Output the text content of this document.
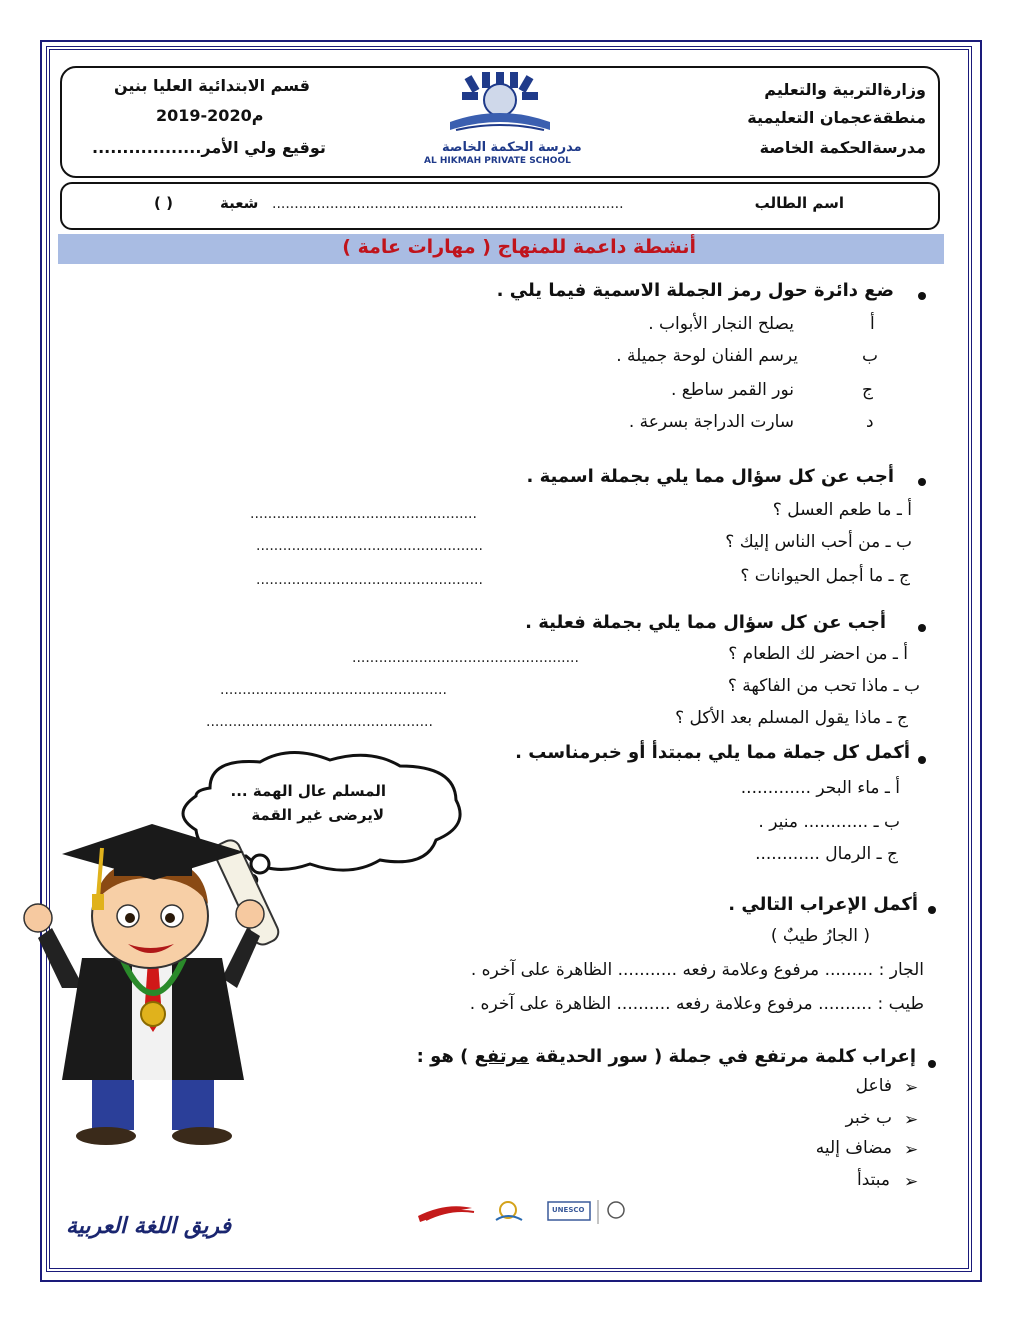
وزارةالتربية والتعليم
منطقةعجمان التعليمية
مدرسةالحكمة الخاصة
قسم الابتدائية العليا بنين
2019-2020م
توقيع ولي الأمر..................	مدرسة الحكمة الخاصة
AL HIKMAH PRIVATE SCHOOL
اسم الطالب
...............................................................................
شعبة
( )
أنشطة داعمة للمنهاج ( مهارات عامة )
ضع دائرة حول رمز الجملة الاسمية فيما يلي .
أ
يصلح النجار الأبواب .
ب
يرسم الفنان لوحة جميلة .
ج
نور القمر ساطع .
د
سارت الدراجة بسرعة .
أجب عن كل سؤال مما يلي بجملة اسمية .
أ ـ ما طعم العسل ؟
...................................................
ب ـ من أحب الناس إليك ؟
...................................................
ج ـ ما أجمل الحيوانات ؟
...................................................
أجب عن كل سؤال مما يلي بجملة فعلية .
أ ـ من احضر لك الطعام ؟
...................................................
ب ـ ماذا تحب من الفاكهة ؟
...................................................
ج ـ ماذا يقول المسلم بعد الأكل ؟
...................................................
أكمل كل جملة مما يلي بمبتدأ أو خبرمناسب .
أ ـ ماء البحر .............
ب ـ ............ منير .
ج ـ الرمال ............
المسلم عال الهمة ...
لايرضى غير القمة
أكمل الإعراب التالي .
( الجارُ طيبٌ )
الجار : ......... مرفوع وعلامة رفعه ........... الظاهرة على آخره .
طيب : .......... مرفوع وعلامة رفعه .......... الظاهرة على آخره .
إعراب كلمة مرتفع في جملة ( سور الحديقة مرتفع ) هو :
➢
فاعل
➢
ب خبر
➢
مضاف إليه
➢
مبتدأ
UNESCO
فريق اللغة العربية
